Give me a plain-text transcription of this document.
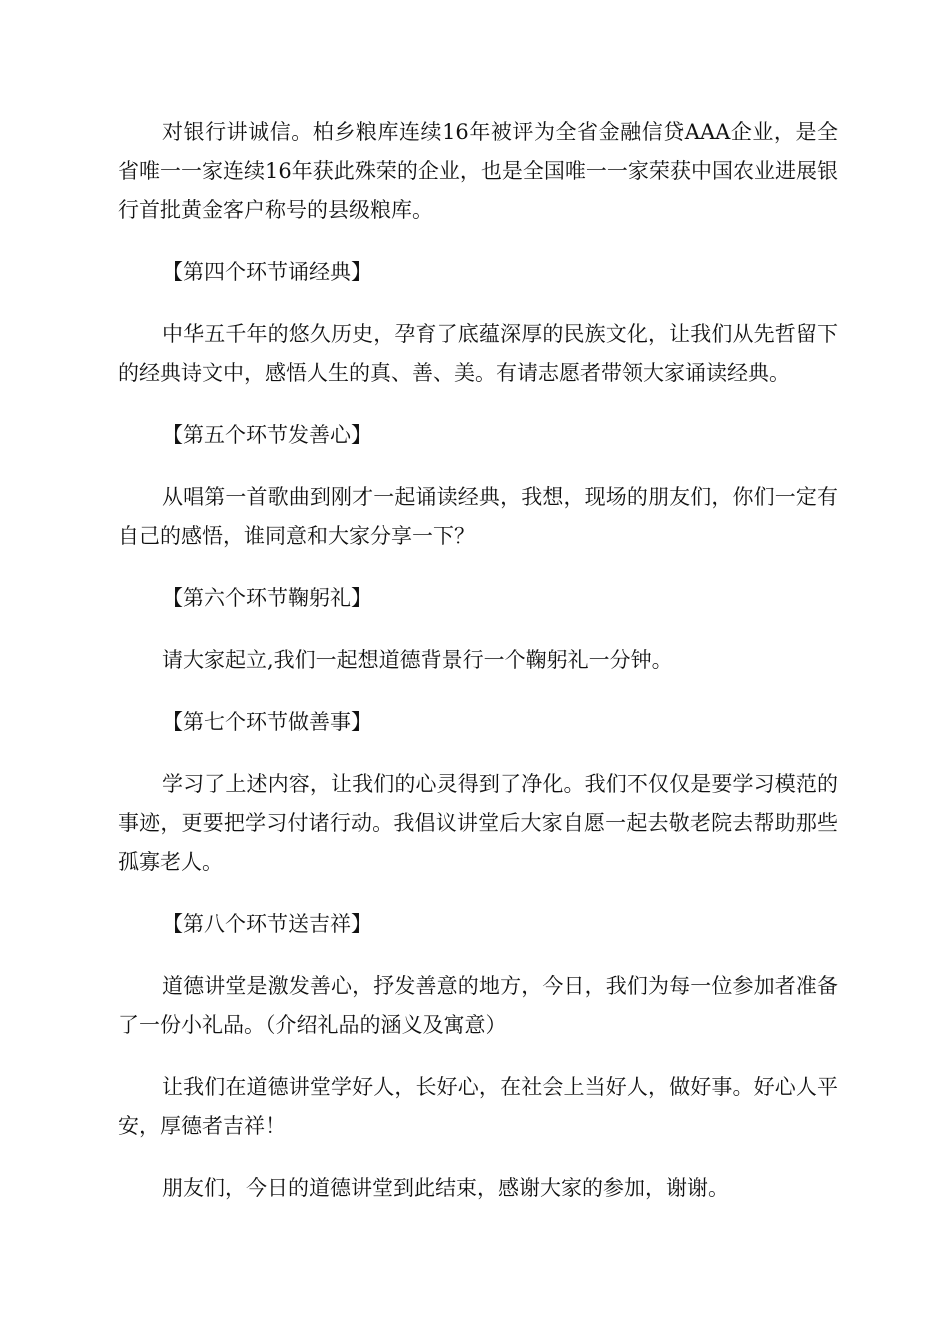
对银行讲诚信。柏乡粮库连续16年被评为全省金融信贷AAA企业，是全省唯一一家连续16年获此殊荣的企业，也是全国唯一一家荣获中国农业进展银行首批黄金客户称号的县级粮库。

【第四个环节诵经典】

中华五千年的悠久历史，孕育了底蕴深厚的民族文化，让我们从先哲留下的经典诗文中，感悟人生的真、善、美。有请志愿者带领大家诵读经典。

【第五个环节发善心】

从唱第一首歌曲到刚才一起诵读经典，我想，现场的朋友们，你们一定有自己的感悟，谁同意和大家分享一下？

【第六个环节鞠躬礼】

请大家起立,我们一起想道德背景行一个鞠躬礼一分钟。

【第七个环节做善事】

学习了上述内容，让我们的心灵得到了净化。我们不仅仅是要学习模范的事迹，更要把学习付诸行动。我倡议讲堂后大家自愿一起去敬老院去帮助那些孤寡老人。

【第八个环节送吉祥】

道德讲堂是激发善心，抒发善意的地方，今日，我们为每一位参加者准备了一份小礼品。（介绍礼品的涵义及寓意）

让我们在道德讲堂学好人，长好心，在社会上当好人，做好事。好心人平安，厚德者吉祥！

朋友们，今日的道德讲堂到此结束，感谢大家的参加，谢谢。
